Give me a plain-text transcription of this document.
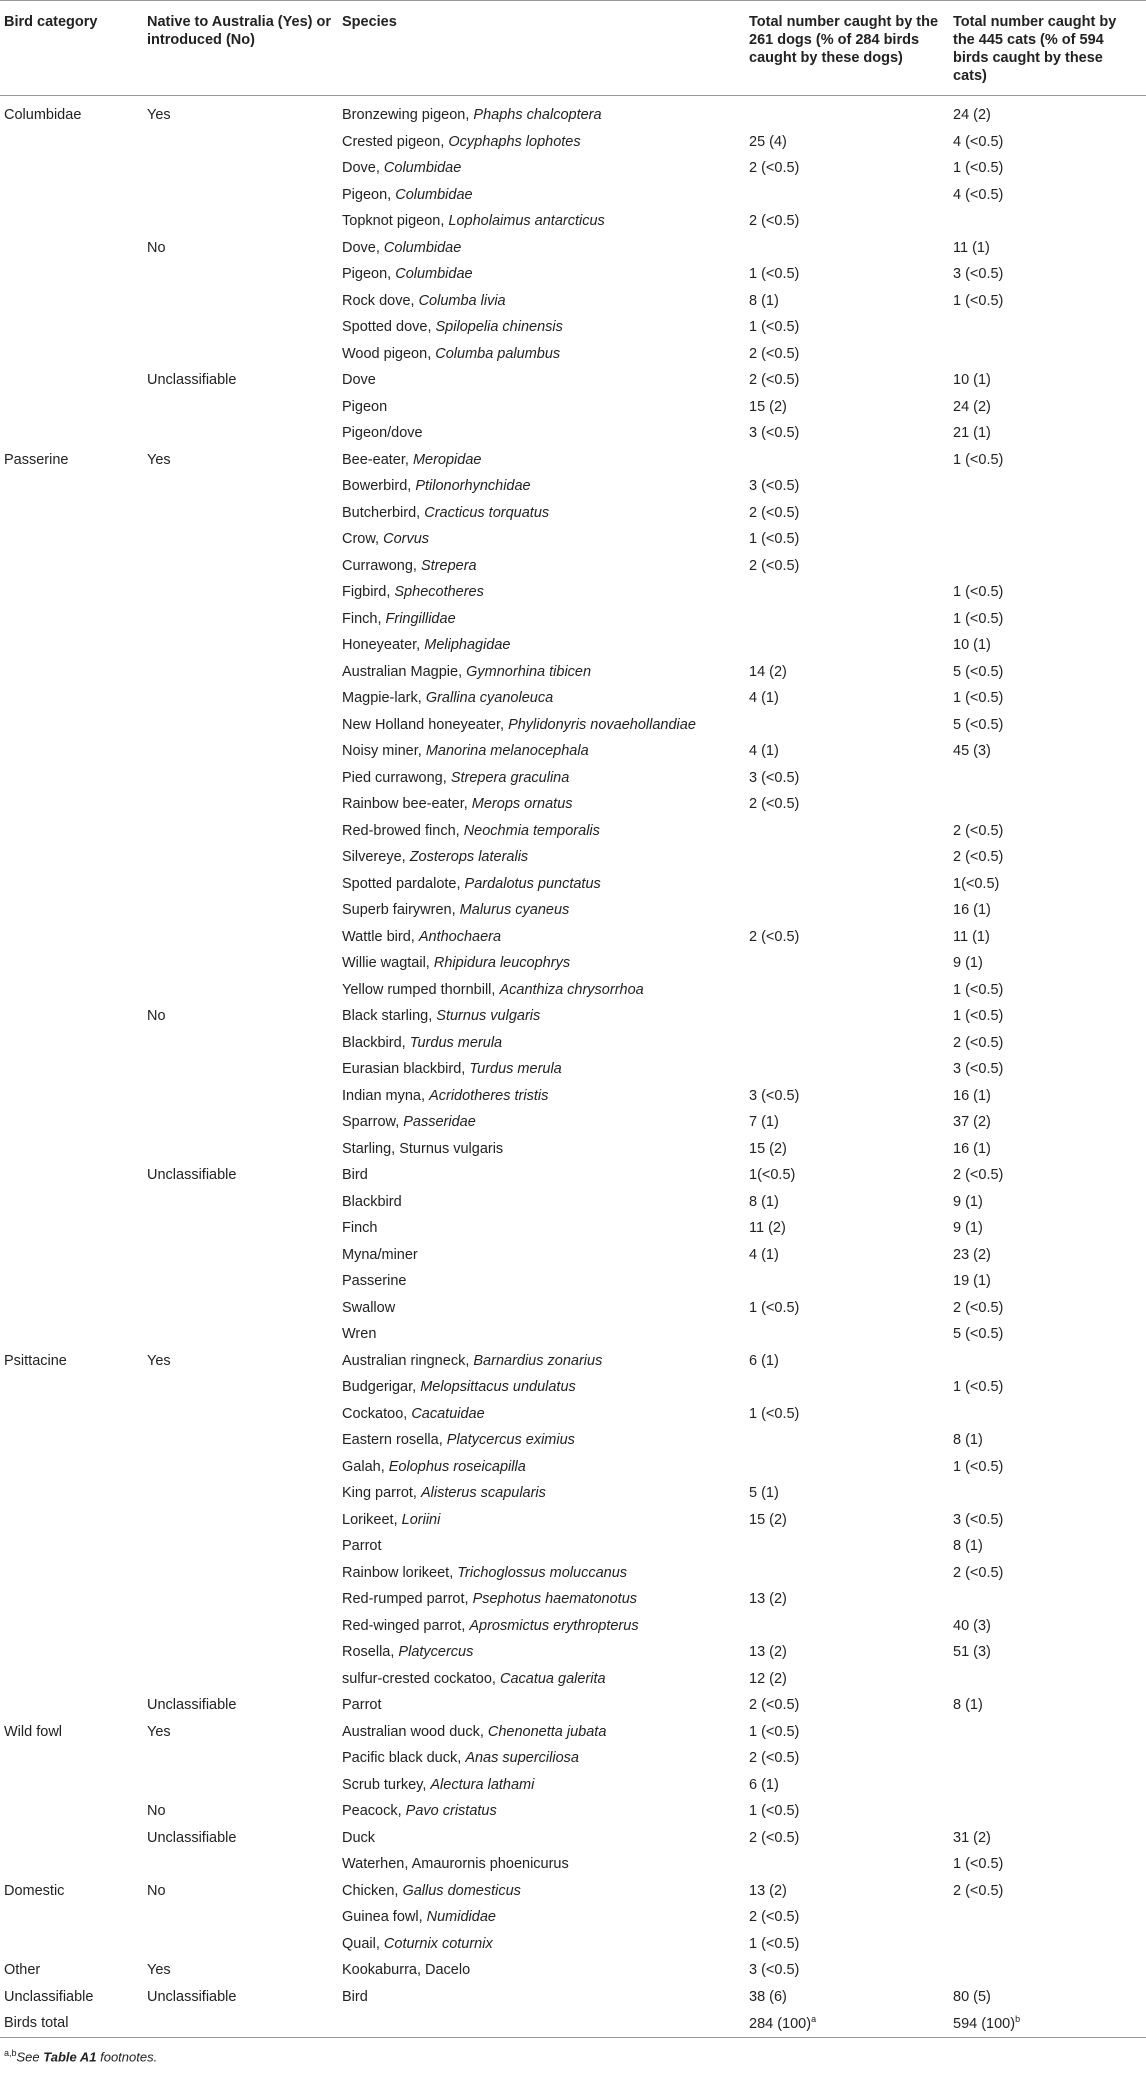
Bird category	Native to Australia (Yes) or introduced (No)	Species	Total number caught by the 261 dogs (% of 284 birds caught by these dogs)	Total number caught by the 445 cats (% of 594 birds caught by these cats)
Columbidae	Yes	Bronzewing pigeon, Phaphs chalcoptera		24 (2)
		Crested pigeon, Ocyphaphs lophotes	25 (4)	4 (<0.5)
		Dove, Columbidae	2 (<0.5)	1 (<0.5)
		Pigeon, Columbidae		4 (<0.5)
		Topknot pigeon, Lopholaimus antarcticus	2 (<0.5)	
	No	Dove, Columbidae		11 (1)
		Pigeon, Columbidae	1 (<0.5)	3 (<0.5)
		Rock dove, Columba livia	8 (1)	1 (<0.5)
		Spotted dove, Spilopelia chinensis	1 (<0.5)	
		Wood pigeon, Columba palumbus	2 (<0.5)	
	Unclassifiable	Dove	2 (<0.5)	10 (1)
		Pigeon	15 (2)	24 (2)
		Pigeon/dove	3 (<0.5)	21 (1)
Passerine	Yes	Bee-eater, Meropidae		1 (<0.5)
		Bowerbird, Ptilonorhynchidae	3 (<0.5)	
		Butcherbird, Cracticus torquatus	2 (<0.5)	
		Crow, Corvus	1 (<0.5)	
		Currawong, Strepera	2 (<0.5)	
		Figbird, Sphecotheres		1 (<0.5)
		Finch, Fringillidae		1 (<0.5)
		Honeyeater, Meliphagidae		10 (1)
		Australian Magpie, Gymnorhina tibicen	14 (2)	5 (<0.5)
		Magpie-lark, Grallina cyanoleuca	4 (1)	1 (<0.5)
		New Holland honeyeater, Phylidonyris novaehollandiae		5 (<0.5)
		Noisy miner, Manorina melanocephala	4 (1)	45 (3)
		Pied currawong, Strepera graculina	3 (<0.5)	
		Rainbow bee-eater, Merops ornatus	2 (<0.5)	
		Red-browed finch, Neochmia temporalis		2 (<0.5)
		Silvereye, Zosterops lateralis		2 (<0.5)
		Spotted pardalote, Pardalotus punctatus		1(<0.5)
		Superb fairywren, Malurus cyaneus		16 (1)
		Wattle bird, Anthochaera	2 (<0.5)	11 (1)
		Willie wagtail, Rhipidura leucophrys		9 (1)
		Yellow rumped thornbill, Acanthiza chrysorrhoa		1 (<0.5)
	No	Black starling, Sturnus vulgaris		1 (<0.5)
		Blackbird, Turdus merula		2 (<0.5)
		Eurasian blackbird, Turdus merula		3 (<0.5)
		Indian myna, Acridotheres tristis	3 (<0.5)	16 (1)
		Sparrow, Passeridae	7 (1)	37 (2)
		Starling, Sturnus vulgaris	15 (2)	16 (1)
	Unclassifiable	Bird	1(<0.5)	2 (<0.5)
		Blackbird	8 (1)	9 (1)
		Finch	11 (2)	9 (1)
		Myna/miner	4 (1)	23 (2)
		Passerine		19 (1)
		Swallow	1 (<0.5)	2 (<0.5)
		Wren		5 (<0.5)
Psittacine	Yes	Australian ringneck, Barnardius zonarius	6 (1)	
		Budgerigar, Melopsittacus undulatus		1 (<0.5)
		Cockatoo, Cacatuidae	1 (<0.5)	
		Eastern rosella, Platycercus eximius		8 (1)
		Galah, Eolophus roseicapilla		1 (<0.5)
		King parrot, Alisterus scapularis	5 (1)	
		Lorikeet, Loriini	15 (2)	3 (<0.5)
		Parrot		8 (1)
		Rainbow lorikeet, Trichoglossus moluccanus		2 (<0.5)
		Red-rumped parrot, Psephotus haematonotus	13 (2)	
		Red-winged parrot, Aprosmictus erythropterus		40 (3)
		Rosella, Platycercus	13 (2)	51 (3)
		sulfur-crested cockatoo, Cacatua galerita	12 (2)	
	Unclassifiable	Parrot	2 (<0.5)	8 (1)
Wild fowl	Yes	Australian wood duck, Chenonetta jubata	1 (<0.5)	
		Pacific black duck, Anas superciliosa	2 (<0.5)	
		Scrub turkey, Alectura lathami	6 (1)	
	No	Peacock, Pavo cristatus	1 (<0.5)	
	Unclassifiable	Duck	2 (<0.5)	31 (2)
		Waterhen, Amaurornis phoenicurus		1 (<0.5)
Domestic	No	Chicken, Gallus domesticus	13 (2)	2 (<0.5)
		Guinea fowl, Numididae	2 (<0.5)	
		Quail, Coturnix coturnix	1 (<0.5)	
Other	Yes	Kookaburra, Dacelo	3 (<0.5)	
Unclassifiable	Unclassifiable	Bird	38 (6)	80 (5)
Birds total			284 $(100)^a$	594 $(100)^b$
$^{a,b}$See Table A1 footnotes.
